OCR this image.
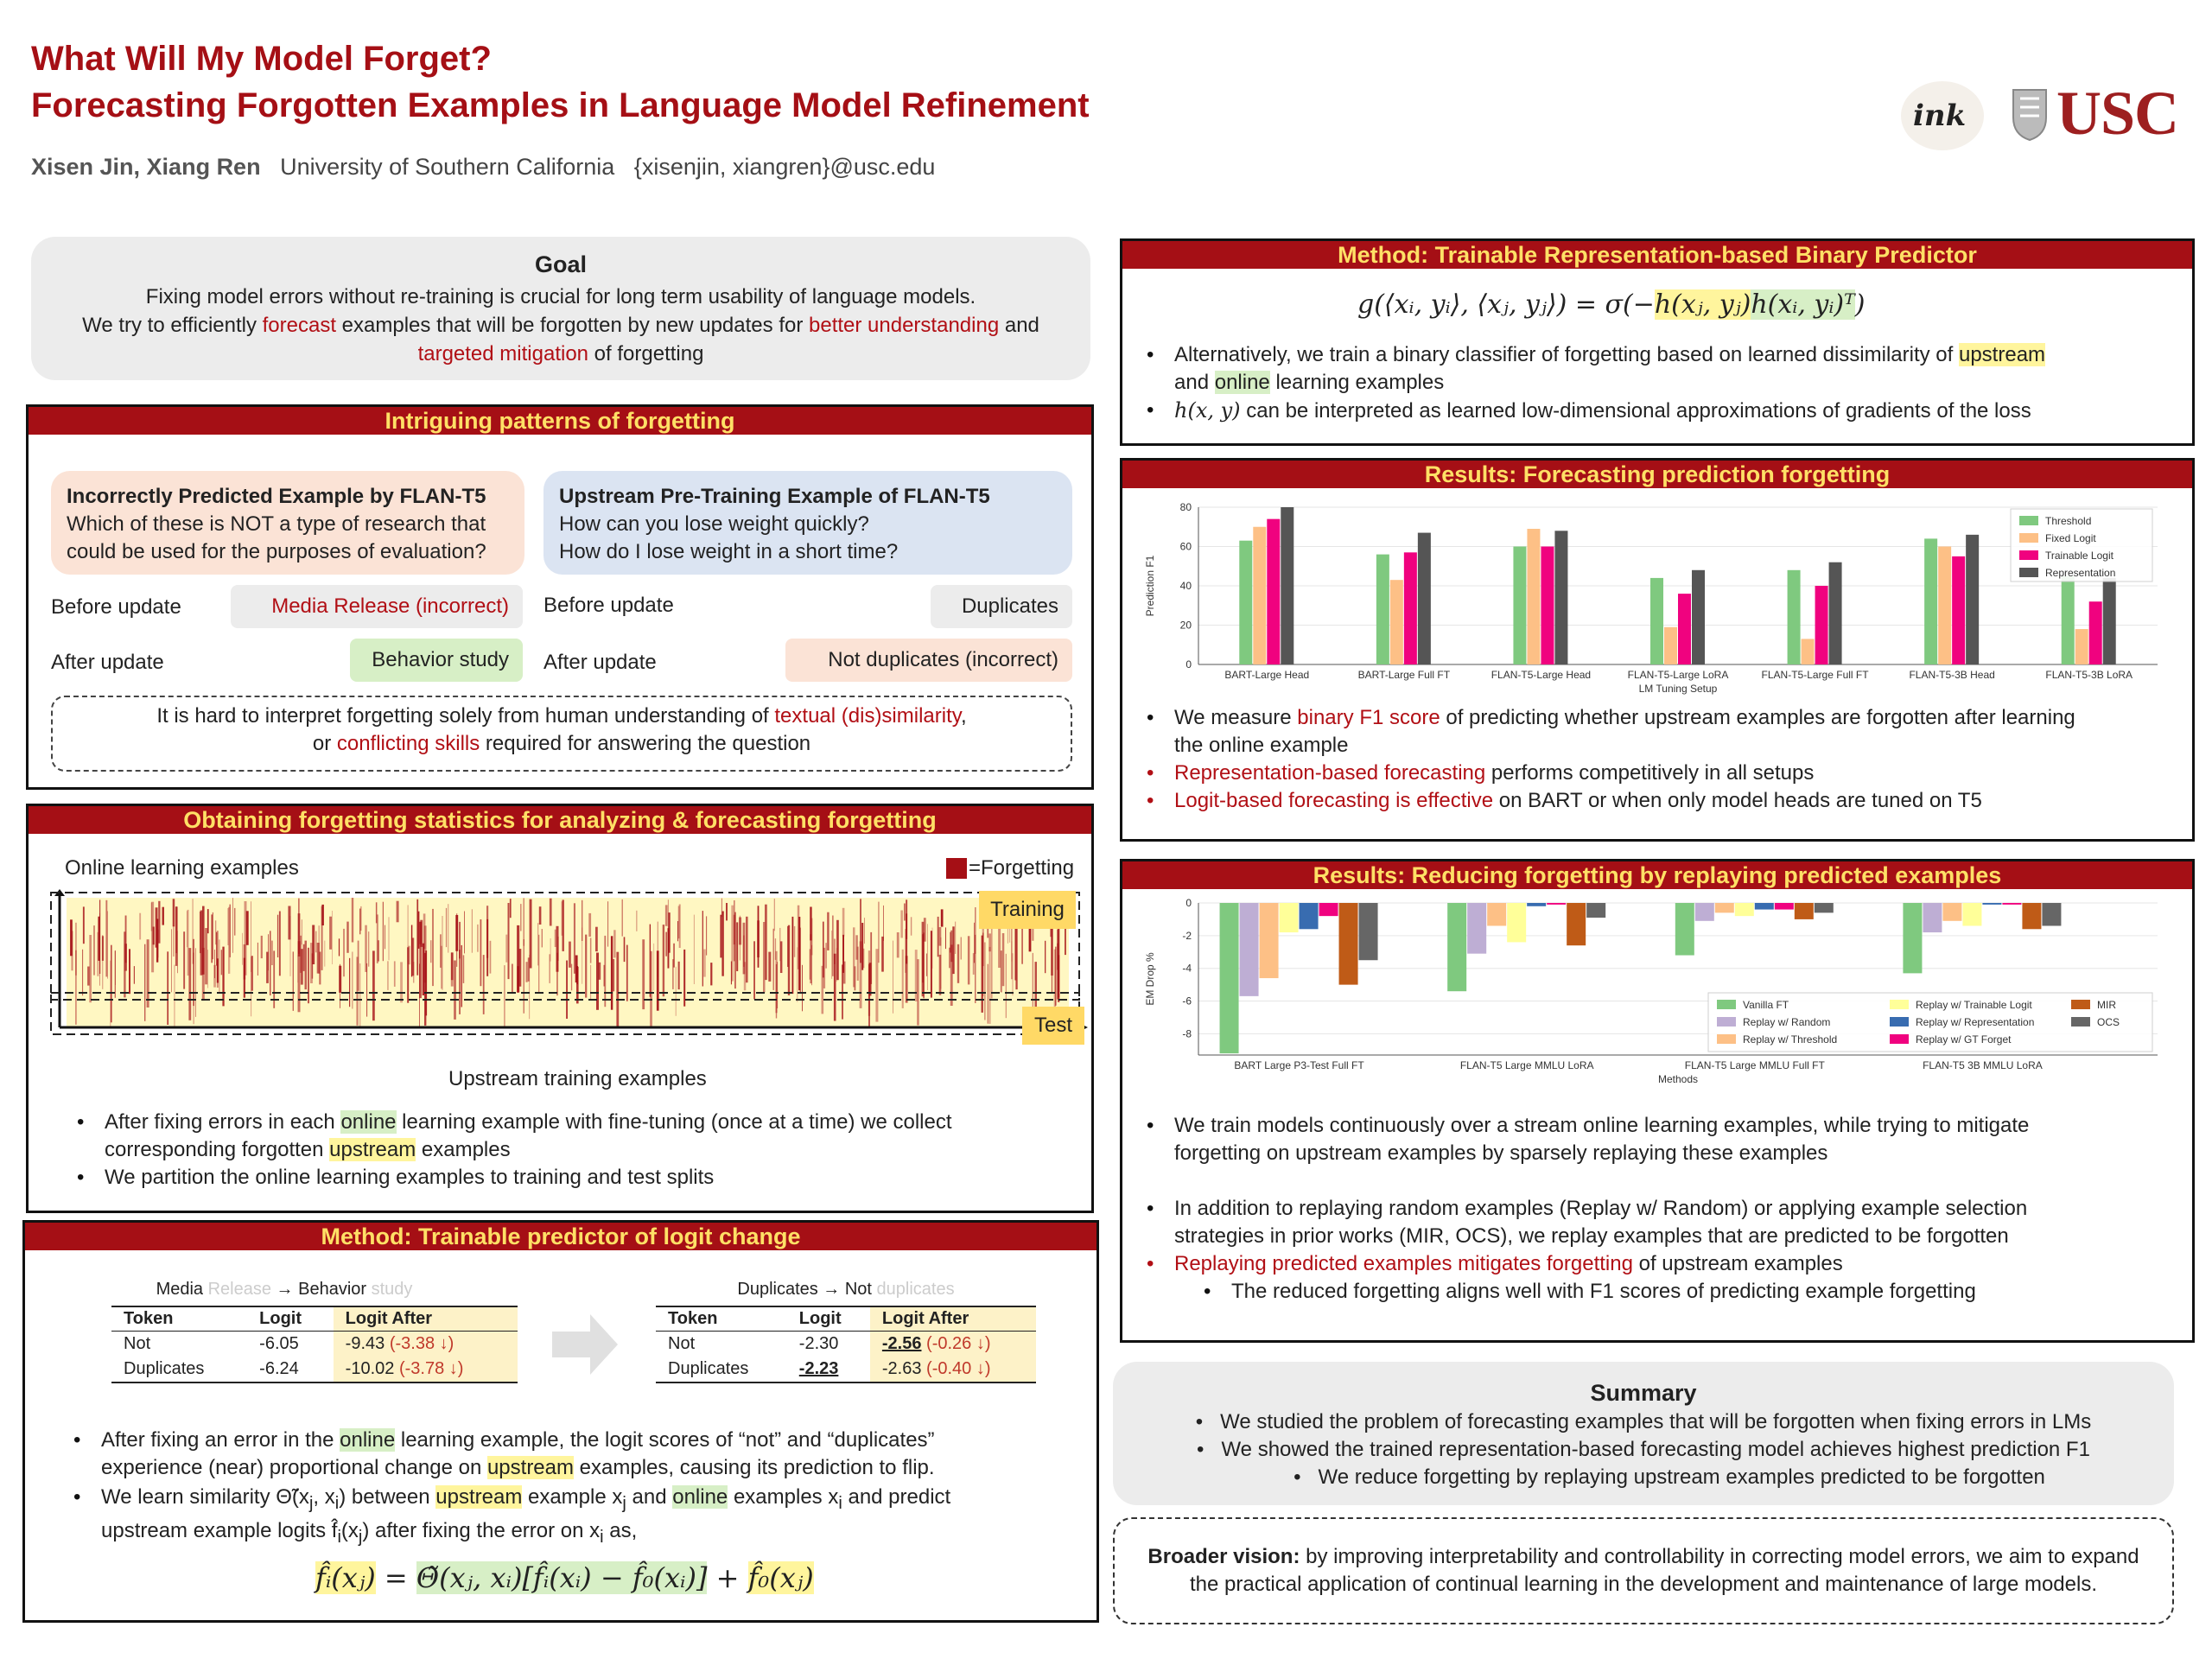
What Will My Model Forget?
Forecasting Forgotten Examples in Language Model Refinement
Xisen Jin, Xiang Ren University of Southern California {xisenjin, xiangren}@usc.edu
ink USC
Goal
Fixing model errors without re-training is crucial for long term usability of language models.
We try to efficiently forecast examples that will be forgotten by new updates for better understanding and
targeted mitigation of forgetting
Intriguing patterns of forgetting
Incorrectly Predicted Example by FLAN-T5
Which of these is NOT a type of research that could be used for the purposes of evaluation?
Upstream Pre-Training Example of FLAN-T5
How can you lose weight quickly?
How do I lose weight in a short time?
Before update	Media Release (incorrect)
After update	Behavior study
Before update	Duplicates
After update	Not duplicates (incorrect)
It is hard to interpret forgetting solely from human understanding of textual (dis)similarity,
or conflicting skills required for answering the question
Obtaining forgetting statistics for analyzing & forecasting forgetting
Online learning examples	=Forgetting
Training
Test
Upstream training examples
• After fixing errors in each online learning example with fine-tuning (once at a time) we collect
corresponding forgotten upstream examples
• We partition the online learning examples to training and test splits
Method: Trainable predictor of logit change
Media Release → Behavior study
Token	Logit	Logit After
Not	-6.05	-9.43 (-3.38 ↓)
Duplicates	-6.24	-10.02 (-3.78 ↓)
Duplicates → Not duplicates
Token	Logit	Logit After
Not	-2.30	-2.56 (-0.26 ↓)
Duplicates	-2.23	-2.63 (-0.40 ↓)
• After fixing an error in the online learning example, the logit scores of “not” and “duplicates”
experience (near) proportional change on upstream examples, causing its prediction to flip.
• We learn similarity $\Thetã(x_j$, $x_i$) between upstream example $x_j$ and online examples $x_i$ and predict
upstream example logits $f̂_i(x_j)$ after fixing the error on $x_i$ as,
f̂ᵢ(xⱼ) = Θ̃(xⱼ, xᵢ)[f̂ᵢ(xᵢ) − f̂₀(xᵢ)] + f̂₀(xⱼ)
Method: Trainable Representation-based Binary Predictor
g(⟨xᵢ, yᵢ⟩, ⟨xⱼ, yⱼ⟩) = σ(−h(xⱼ, yⱼ)h(xᵢ, yᵢ)ᵀ)
• Alternatively, we train a binary classifier of forgetting based on learned dissimilarity of upstream
and online learning examples
• h(x, y) can be interpreted as learned low-dimensional approximations of gradients of the loss
Results: Forecasting prediction forgetting
0
20
40
60
80
BART-Large Head	BART-Large Full FT	FLAN-T5-Large Head	FLAN-T5-Large LoRA	FLAN-T5-Large Full FT	FLAN-T5-3B Head	FLAN-T5-3B LoRA
LM Tuning Setup
Prediction F1
Threshold
Fixed Logit
Trainable Logit
Representation
• We measure binary F1 score of predicting whether upstream examples are forgotten after learning
the online example
• Representation-based forecasting performs competitively in all setups
• Logit-based forecasting is effective on BART or when only model heads are tuned on T5
Results: Reducing forgetting by replaying predicted examples
0
-2
-4
-6
-8
BART Large P3-Test Full FT	FLAN-T5 Large MMLU LoRA	FLAN-T5 Large MMLU Full FT	FLAN-T5 3B MMLU LoRA
Methods
EM Drop %	Vanilla FT
Replay w/ Random
Replay w/ Threshold
Replay w/ Trainable Logit
Replay w/ Representation
Replay w/ GT Forget
MIR
OCS
• We train models continuously over a stream online learning examples, while trying to mitigate
forgetting on upstream examples by sparsely replaying these examples
• In addition to replaying random examples (Replay w/ Random) or applying example selection
strategies in prior works (MIR, OCS), we replay examples that are predicted to be forgotten
• Replaying predicted examples mitigates forgetting of upstream examples
• The reduced forgetting aligns well with F1 scores of predicting example forgetting
Summary
•   We studied the problem of forecasting examples that will be forgotten when fixing errors in LMs
•   We showed the trained representation-based forecasting model achieves highest prediction F1
•   We reduce forgetting by replaying upstream examples predicted to be forgotten
Broader vision: by improving interpretability and controllability in correcting model errors, we aim to expand
the practical application of continual learning in the development and maintenance of large models.
